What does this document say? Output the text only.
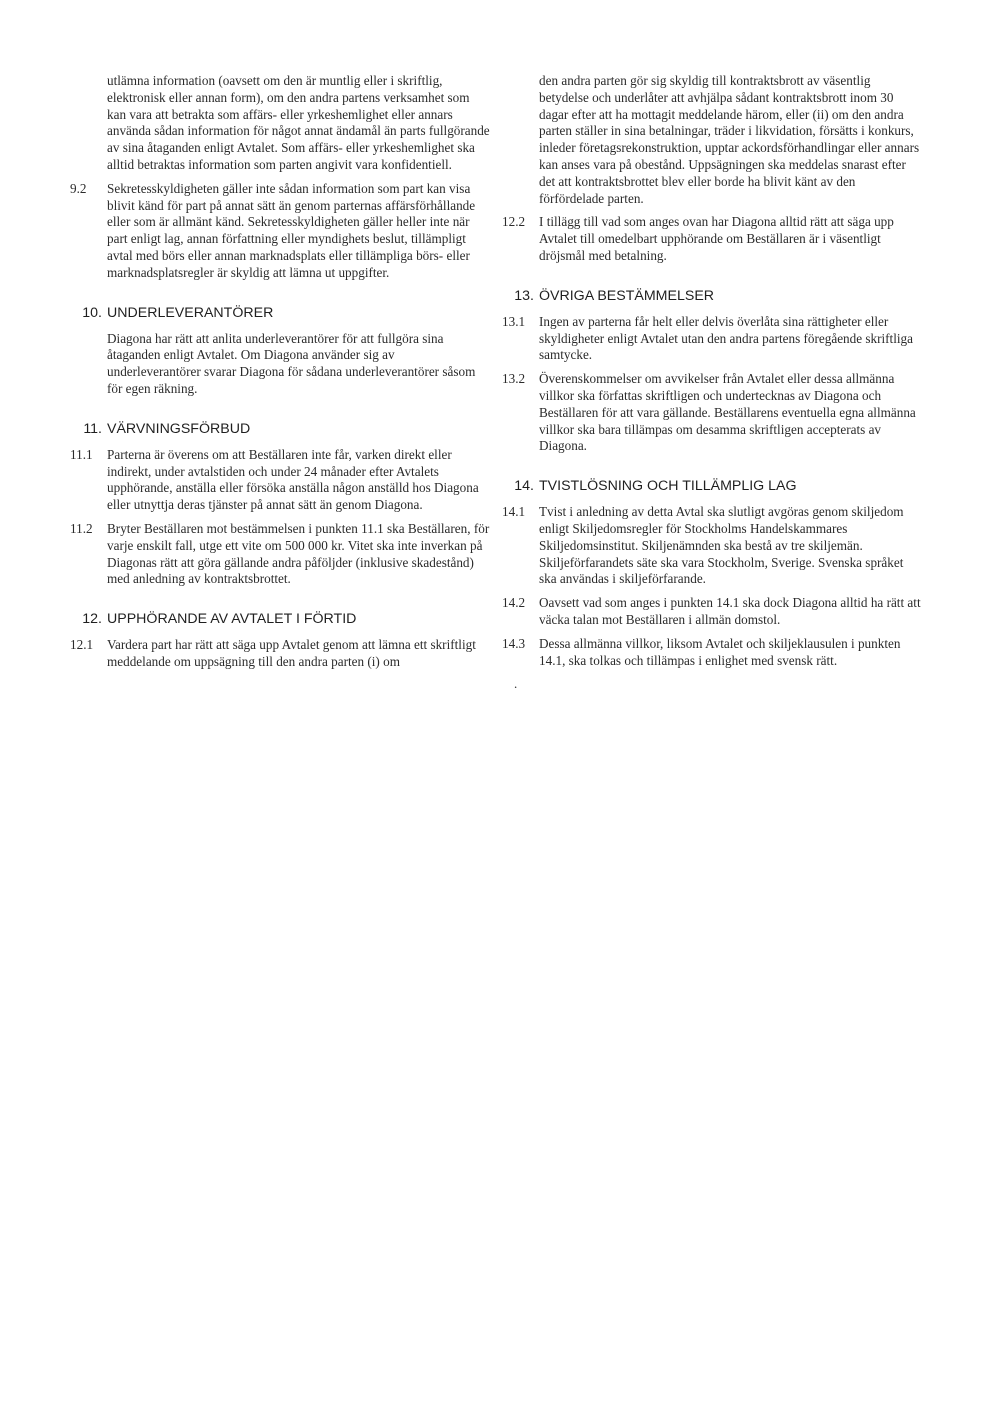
utlämna information (oavsett om den är muntlig eller i skriftlig, elektronisk eller annan form), om den andra partens verksamhet som kan vara att betrakta som affärs- eller yrkeshemlighet eller annars använda sådan information för något annat ändamål än parts fullgörande av sina åtaganden enligt Avtalet. Som affärs- eller yrkeshemlighet ska alltid betraktas information som parten angivit vara konfidentiell.

9.2	Sekretesskyldigheten gäller inte sådan information som part kan visa blivit känd för part på annat sätt än genom parternas affärsförhållande eller som är allmänt känd. Sekretesskyldigheten gäller heller inte när part enligt lag, annan författning eller myndighets beslut, tillämpligt avtal med börs eller annan marknadsplats eller tillämpliga börs- eller marknadsplatsregler är skyldig att lämna ut uppgifter.
10. UNDERLEVERANTÖRER

Diagona har rätt att anlita underleverantörer för att fullgöra sina åtaganden enligt Avtalet. Om Diagona använder sig av underleverantörer svarar Diagona för sådana underleverantörer såsom för egen räkning.

11. VÄRVNINGSFÖRBUD
11.1	Parterna är överens om att Beställaren inte får, varken direkt eller indirekt, under avtalstiden och under 24 månader efter Avtalets upphörande, anställa eller försöka anställa någon anställd hos Diagona eller utnyttja deras tjänster på annat sätt än genom Diagona.
11.2	Bryter Beställaren mot bestämmelsen i punkten 11.1 ska Beställaren, för varje enskilt fall, utge ett vite om 500 000 kr. Vitet ska inte inverkan på Diagonas rätt att göra gällande andra påföljder (inklusive skadestånd) med anledning av kontraktsbrottet.
12. UPPHÖRANDE AV AVTALET I FÖRTID
12.1	Vardera part har rätt att säga upp Avtalet genom att lämna ett skriftligt meddelande om uppsägning till den andra parten (i) om

den andra parten gör sig skyldig till kontraktsbrott av väsentlig betydelse och underlåter att avhjälpa sådant kontraktsbrott inom 30 dagar efter att ha mottagit meddelande härom, eller (ii) om den andra parten ställer in sina betalningar, träder i likvidation, försätts i konkurs, inleder företagsrekonstruktion, upptar ackordsförhandlingar eller annars kan anses vara på obestånd. Uppsägningen ska meddelas snarast efter det att kontraktsbrottet blev eller borde ha blivit känt av den förfördelade parten.

12.2	I tillägg till vad som anges ovan har Diagona alltid rätt att säga upp Avtalet till omedelbart upphörande om Beställaren är i väsentligt dröjsmål med betalning.
13. ÖVRIGA BESTÄMMELSER
13.1	Ingen av parterna får helt eller delvis överlåta sina rättigheter eller skyldigheter enligt Avtalet utan den andra partens föregående skriftliga samtycke.
13.2	Överenskommelser om avvikelser från Avtalet eller dessa allmänna villkor ska författas skriftligen och undertecknas av Diagona och Beställaren för att vara gällande. Beställarens eventuella egna allmänna villkor ska bara tillämpas om desamma skriftligen accepterats av Diagona.
14. TVISTLÖSNING OCH TILLÄMPLIG LAG
14.1	Tvist i anledning av detta Avtal ska slutligt avgöras genom skiljedom enligt Skiljedomsregler för Stockholms Handelskammares Skiljedomsinstitut. Skiljenämnden ska bestå av tre skiljemän. Skiljeförfarandets säte ska vara Stockholm, Sverige. Svenska språket ska användas i skiljeförfarande.
14.2	Oavsett vad som anges i punkten 14.1 ska dock Diagona alltid ha rätt att väcka talan mot Beställaren i allmän domstol.
14.3	Dessa allmänna villkor, liksom Avtalet och skiljeklausulen i punkten 14.1, ska tolkas och tillämpas i enlighet med svensk rätt.
.
